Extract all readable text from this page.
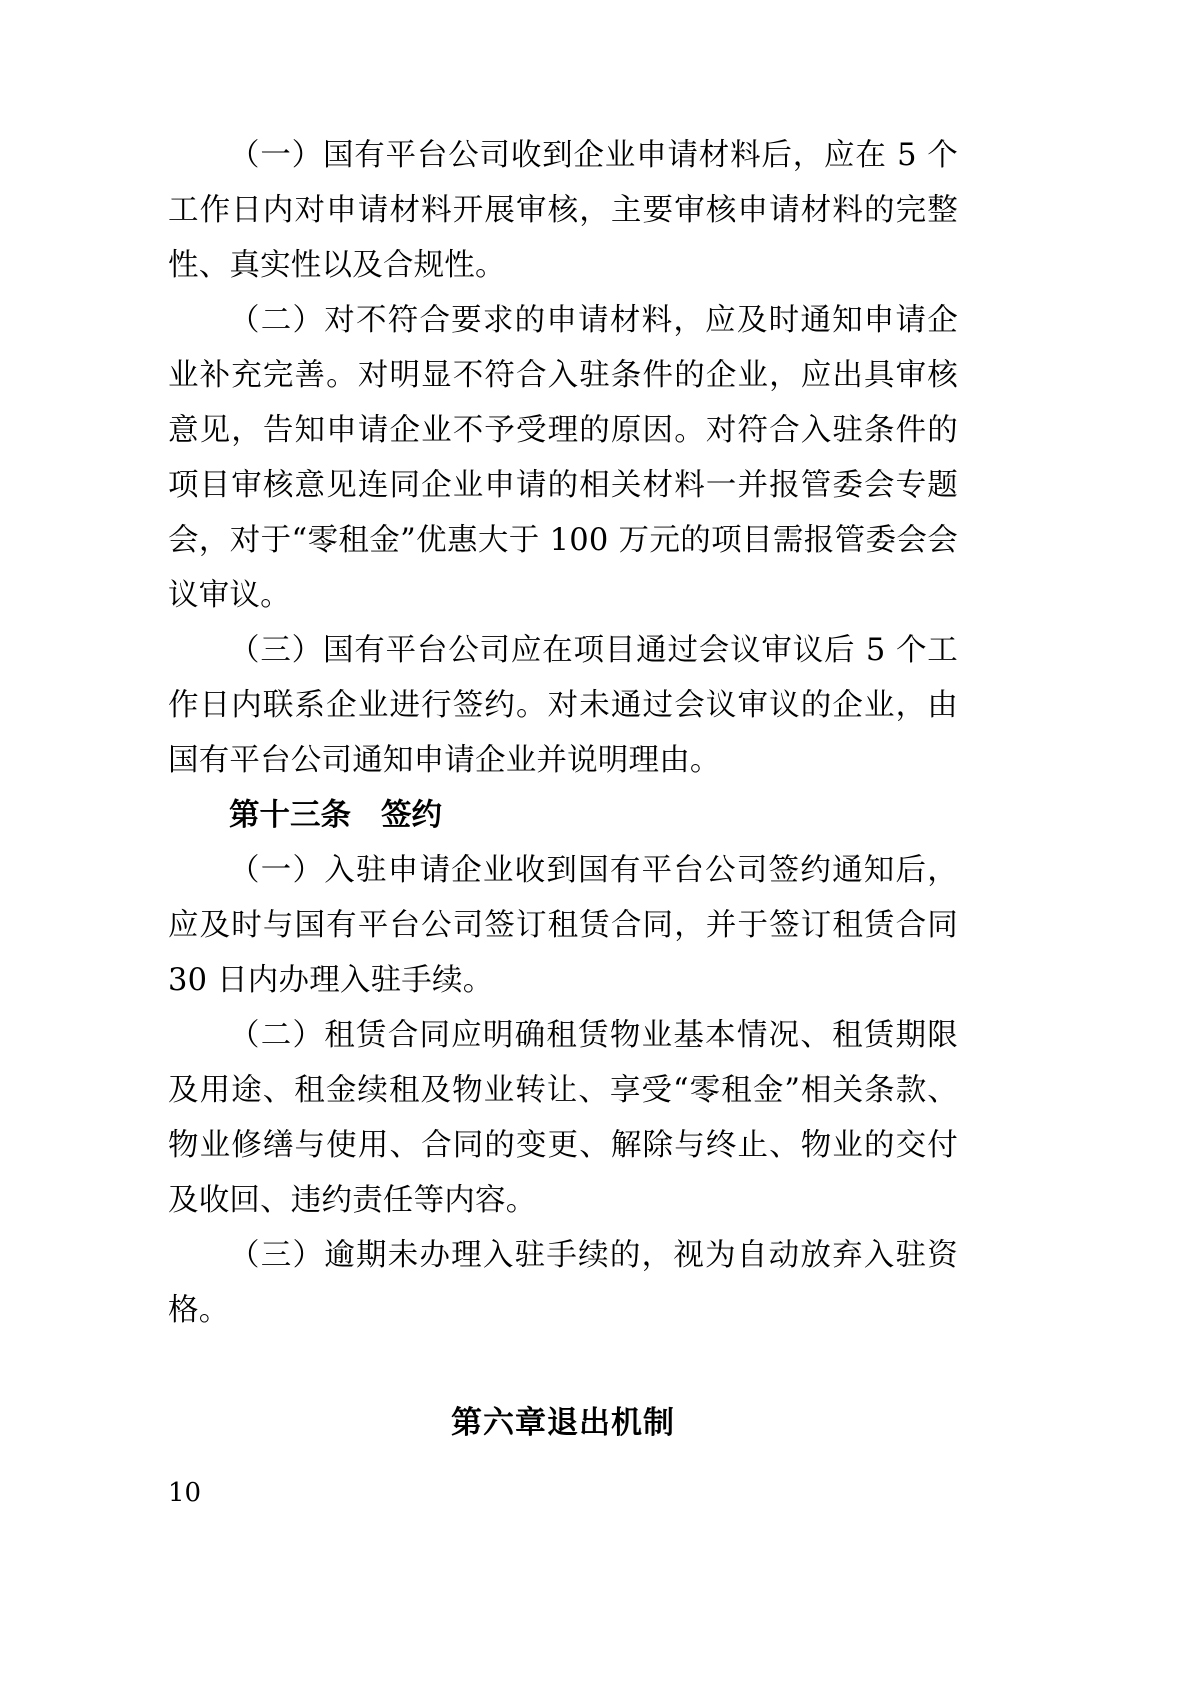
（一）国有平台公司收到企业申请材料后，应在 5 个工作日内对申请材料开展审核，主要审核申请材料的完整性、真实性以及合规性。

（二）对不符合要求的申请材料，应及时通知申请企业补充完善。对明显不符合入驻条件的企业，应出具审核意见，告知申请企业不予受理的原因。对符合入驻条件的项目审核意见连同企业申请的相关材料一并报管委会专题会，对于“零租金”优惠大于 100 万元的项目需报管委会会议审议。

（三）国有平台公司应在项目通过会议审议后 5 个工作日内联系企业进行签约。对未通过会议审议的企业，由国有平台公司通知申请企业并说明理由。

第十三条 签约

（一）入驻申请企业收到国有平台公司签约通知后，应及时与国有平台公司签订租赁合同，并于签订租赁合同 30 日内办理入驻手续。

（二）租赁合同应明确租赁物业基本情况、租赁期限及用途、租金续租及物业转让、享受“零租金”相关条款、物业修缮与使用、合同的变更、解除与终止、物业的交付及收回、违约责任等内容。

（三）逾期未办理入驻手续的，视为自动放弃入驻资格。

第六章退出机制

10
